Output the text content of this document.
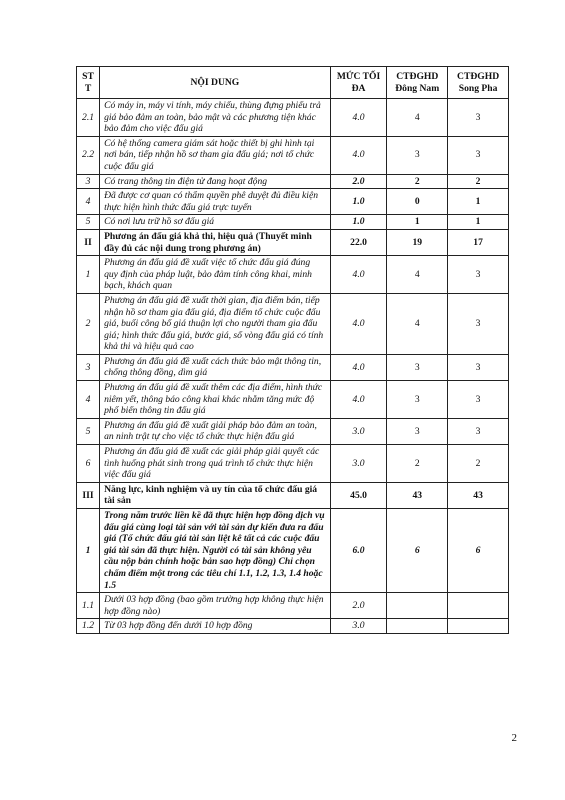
ST T	NỘI DUNG	MỨC TỐI ĐA	CTĐGHD Đông Nam	CTĐGHD Song Pha
2.1	Có máy in, máy vi tính, máy chiếu, thùng đựng phiếu trả giá bảo đảm an toàn, bảo mật và các phương tiện khác bảo đảm cho việc đấu giá	4.0	4	3
2.2	Có hệ thống camera giám sát hoặc thiết bị ghi hình tại nơi bán, tiếp nhận hồ sơ tham gia đấu giá; nơi tổ chức cuộc đấu giá	4.0	3	3
3	Có trang thông tin điện tử đang hoạt động	2.0	2	2
4	Đã được cơ quan có thẩm quyền phê duyệt đủ điều kiện thực hiện hình thức đấu giá trực tuyến	1.0	0	1
5	Có nơi lưu trữ hồ sơ đấu giá	1.0	1	1
II	Phương án đấu giá khả thi, hiệu quả (Thuyết minh đầy đủ các nội dung trong phương án)	22.0	19	17
1	Phương án đấu giá đề xuất việc tổ chức đấu giá đúng quy định của pháp luật, bảo đảm tính công khai, minh bạch, khách quan	4.0	4	3
2	Phương án đấu giá đề xuất thời gian, địa điểm bán, tiếp nhận hồ sơ tham gia đấu giá, địa điểm tổ chức cuộc đấu giá, buổi công bố giá thuận lợi cho người tham gia đấu giá; hình thức đấu giá, bước giá, số vòng đấu giá có tính khả thi và hiệu quả cao	4.0	4	3
3	Phương án đấu giá đề xuất cách thức bảo mật thông tin, chống thông đồng, dìm giá	4.0	3	3
4	Phương án đấu giá đề xuất thêm các địa điểm, hình thức niêm yết, thông báo công khai khác nhằm tăng mức độ phổ biến thông tin đấu giá	4.0	3	3
5	Phương án đấu giá đề xuất giải pháp bảo đảm an toàn, an ninh trật tự cho việc tổ chức thực hiện đấu giá	3.0	3	3
6	Phương án đấu giá đề xuất các giải pháp giải quyết các tình huống phát sinh trong quá trình tổ chức thực hiện việc đấu giá	3.0	2	2
III	Năng lực, kinh nghiệm và uy tín của tổ chức đấu giá tài sản	45.0	43	43
1	Trong năm trước liền kề đã thực hiện hợp đồng dịch vụ đấu giá cùng loại tài sản với tài sản dự kiến đưa ra đấu giá (Tổ chức đấu giá tài sản liệt kê tất cả các cuộc đấu giá tài sản đã thực hiện. Người có tài sản không yêu cầu nộp bản chính hoặc bản sao hợp đồng) Chỉ chọn chấm điểm một trong các tiêu chí 1.1, 1.2, 1.3, 1.4 hoặc 1.5	6.0	6	6
1.1	Dưới 03 hợp đồng (bao gồm trường hợp không thực hiện hợp đồng nào)	2.0		
1.2	Từ 03 hợp đồng đến dưới 10 hợp đồng	3.0		
2
